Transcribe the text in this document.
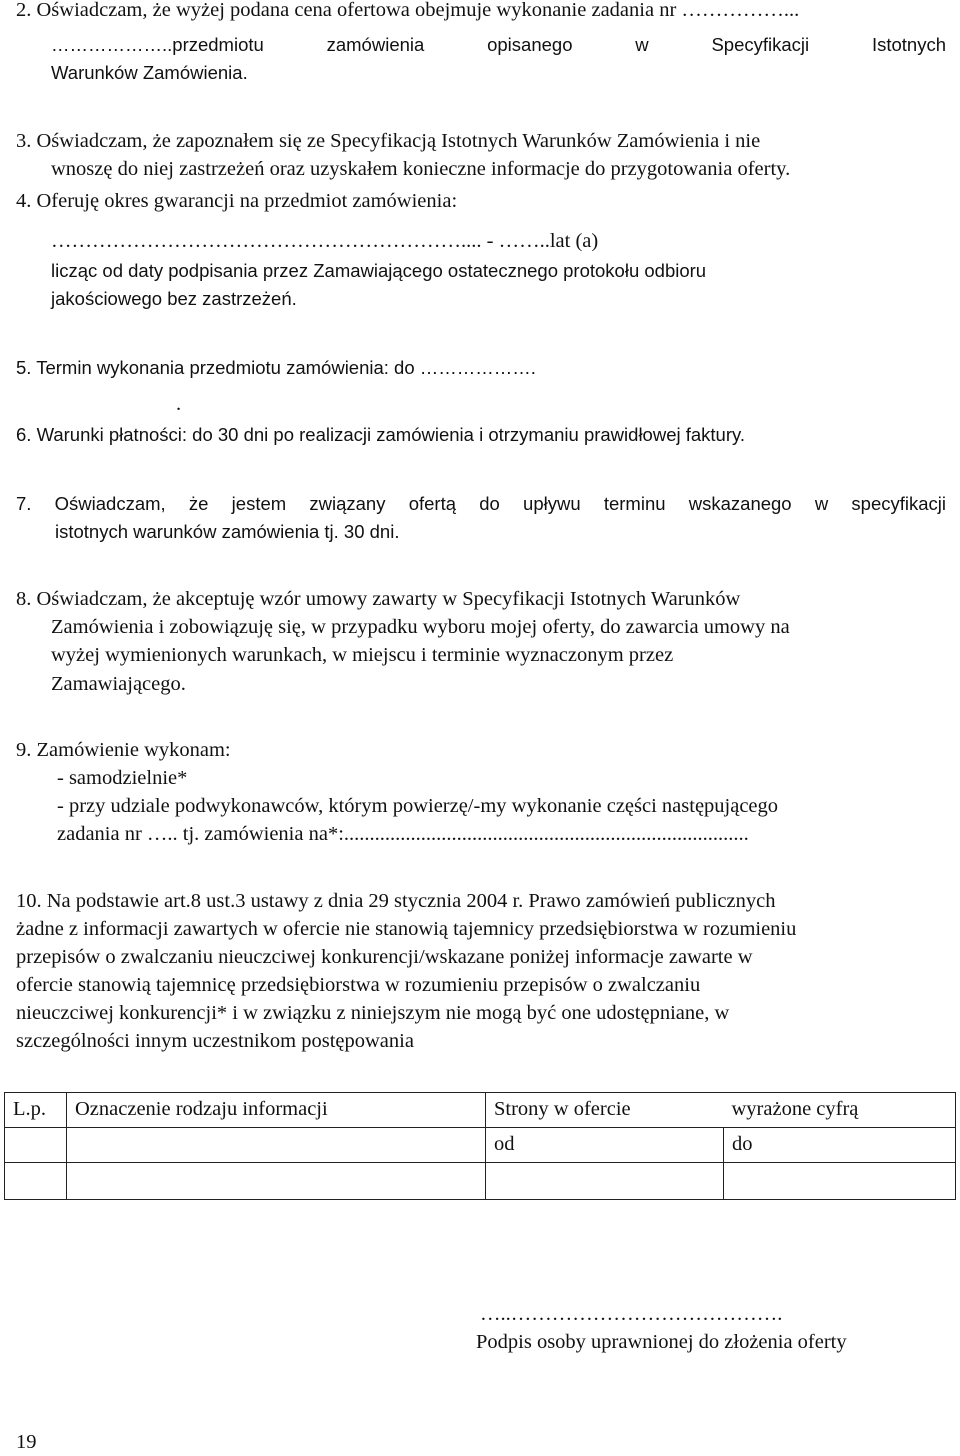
2. Oświadczam, że wyżej podana cena ofertowa obejmuje wykonanie zadania nr ……………...
………………..przedmiotu zamówienia opisanego w Specyfikacji Istotnych
Warunków Zamówienia.
3. Oświadczam, że zapoznałem się ze Specyfikacją Istotnych Warunków Zamówienia i nie
wnoszę do niej zastrzeżeń oraz uzyskałem konieczne informacje do przygotowania oferty.
4. Oferuję okres gwarancji na przedmiot zamówienia:
…………………………………………………….... - ……..lat (a)
licząc od daty podpisania przez Zamawiającego ostatecznego protokołu odbioru
jakościowego bez zastrzeżeń.
5. Termin wykonania przedmiotu zamówienia: do ……………….
.
6. Warunki płatności: do 30 dni po realizacji zamówienia i otrzymaniu prawidłowej faktury.
7. Oświadczam, że jestem związany ofertą do upływu terminu wskazanego w specyfikacji
istotnych warunków zamówienia tj. 30 dni.
8. Oświadczam, że akceptuję wzór umowy zawarty w Specyfikacji Istotnych Warunków
Zamówienia i zobowiązuję się, w przypadku wyboru mojej oferty, do zawarcia umowy na
wyżej wymienionych warunkach, w miejscu i terminie wyznaczonym przez
Zamawiającego.
9. Zamówienie wykonam:
- samodzielnie*
- przy udziale podwykonawców, którym powierzę/-my wykonanie części następującego
zadania nr ….. tj. zamówienia na*:...............................................................................
10. Na podstawie art.8 ust.3 ustawy z dnia 29 stycznia 2004 r. Prawo zamówień publicznych
żadne z informacji zawartych w ofercie nie stanowią tajemnicy przedsiębiorstwa w rozumieniu
przepisów o zwalczaniu nieuczciwej konkurencji/wskazane poniżej informacje zawarte w
ofercie stanowią tajemnicę przedsiębiorstwa w rozumieniu przepisów o zwalczaniu
nieuczciwej konkurencji* i w związku z niniejszym nie mogą być one udostępniane, w
szczególności innym uczestnikom postępowania
L.p.	Oznaczenie rodzaju informacji	Strony w ofercie	wyrażone cyfrą
		od	do

…..………………………………….
Podpis osoby uprawnionej do złożenia oferty
19
